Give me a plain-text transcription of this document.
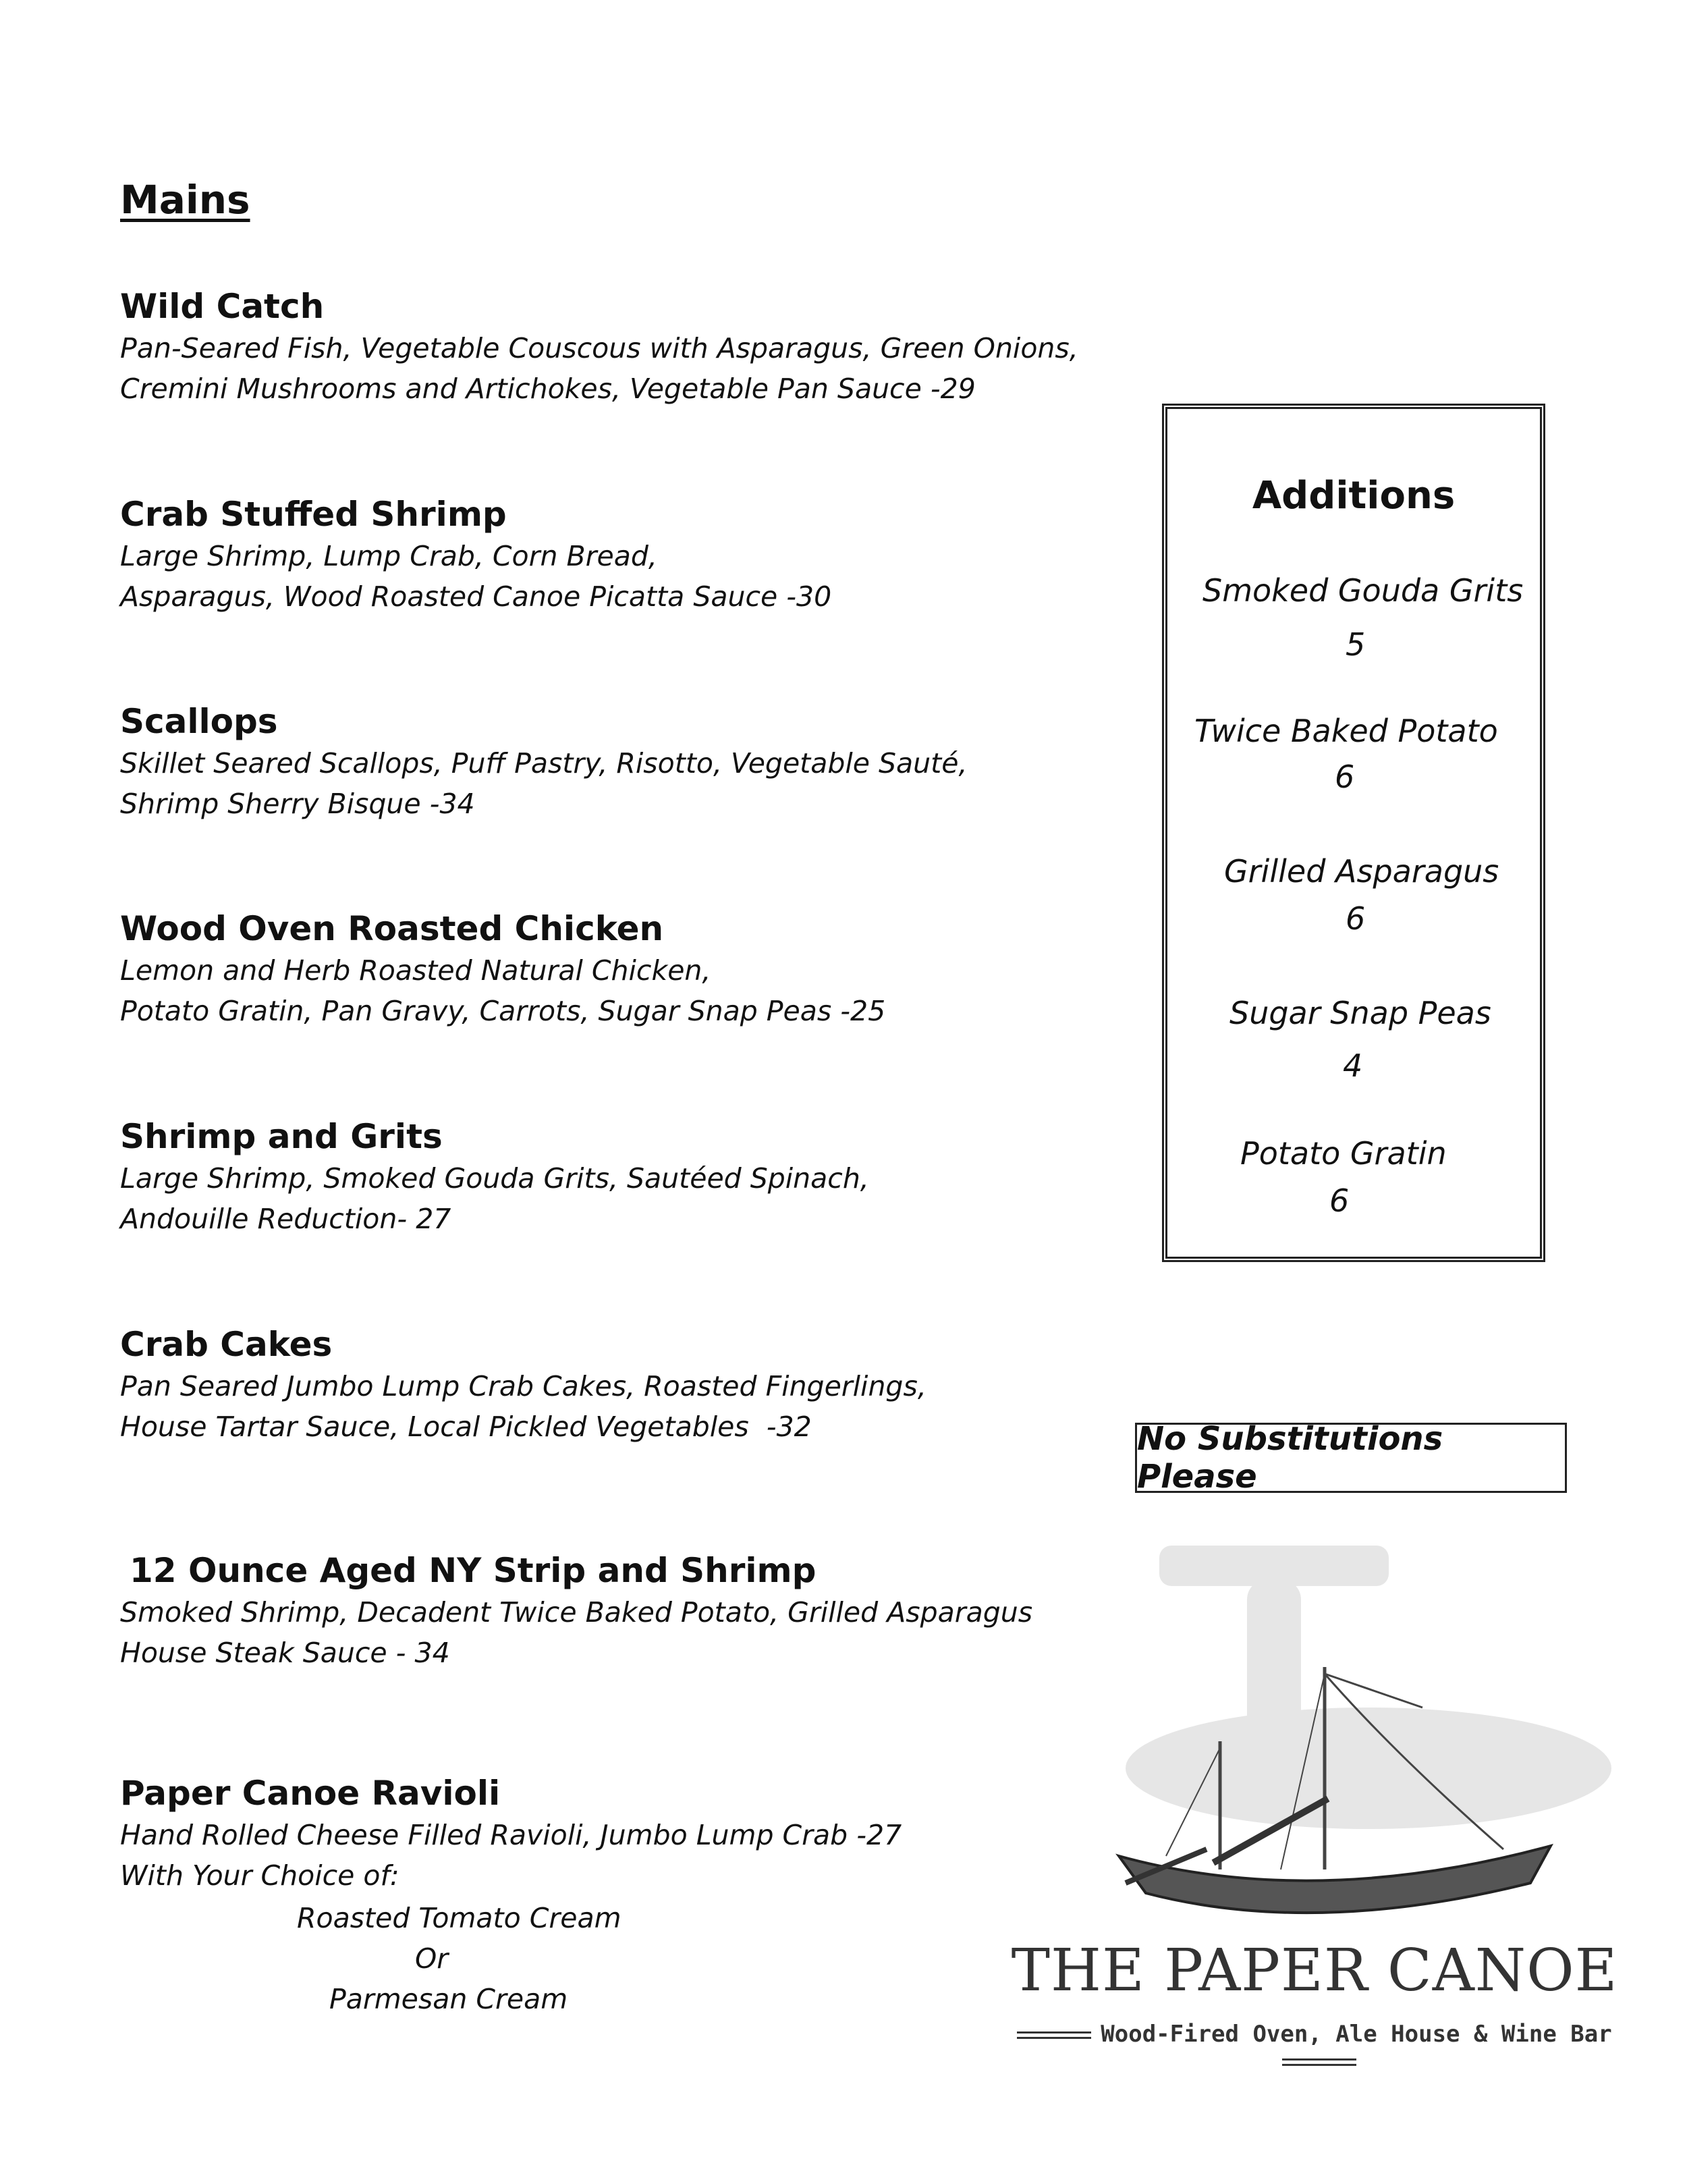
Mains

Wild Catch

Pan-Seared Fish, Vegetable Couscous with Asparagus, Green Onions,
Cremini Mushrooms and Artichokes, Vegetable Pan Sauce -29

Crab Stuffed Shrimp

Large Shrimp, Lump Crab, Corn Bread,
Asparagus, Wood Roasted Canoe Picatta Sauce -30

Scallops

Skillet Seared Scallops, Puff Pastry, Risotto, Vegetable Sauté,
Shrimp Sherry Bisque -34

Wood Oven Roasted Chicken

Lemon and Herb Roasted Natural Chicken,
Potato Gratin, Pan Gravy, Carrots, Sugar Snap Peas -25

Shrimp and Grits

Large Shrimp, Smoked Gouda Grits, Sautéed Spinach,
Andouille Reduction- 27

Crab Cakes

Pan Seared Jumbo Lump Crab Cakes, Roasted Fingerlings,
House Tartar Sauce, Local Pickled Vegetables  -32

12 Ounce Aged NY Strip and Shrimp

Smoked Shrimp, Decadent Twice Baked Potato, Grilled Asparagus
House Steak Sauce - 34

Paper Canoe Ravioli

Hand Rolled Cheese Filled Ravioli, Jumbo Lump Crab -27
With Your Choice of:

Roasted Tomato Cream
Or
Parmesan Cream
Additions
Smoked Gouda Grits
5
Twice Baked Potato
6
Grilled Asparagus
6
Sugar Snap Peas
4
Potato Gratin
6
No Substitutions Please
THE PAPER CANOE
Wood-Fired Oven, Ale House & Wine Bar
